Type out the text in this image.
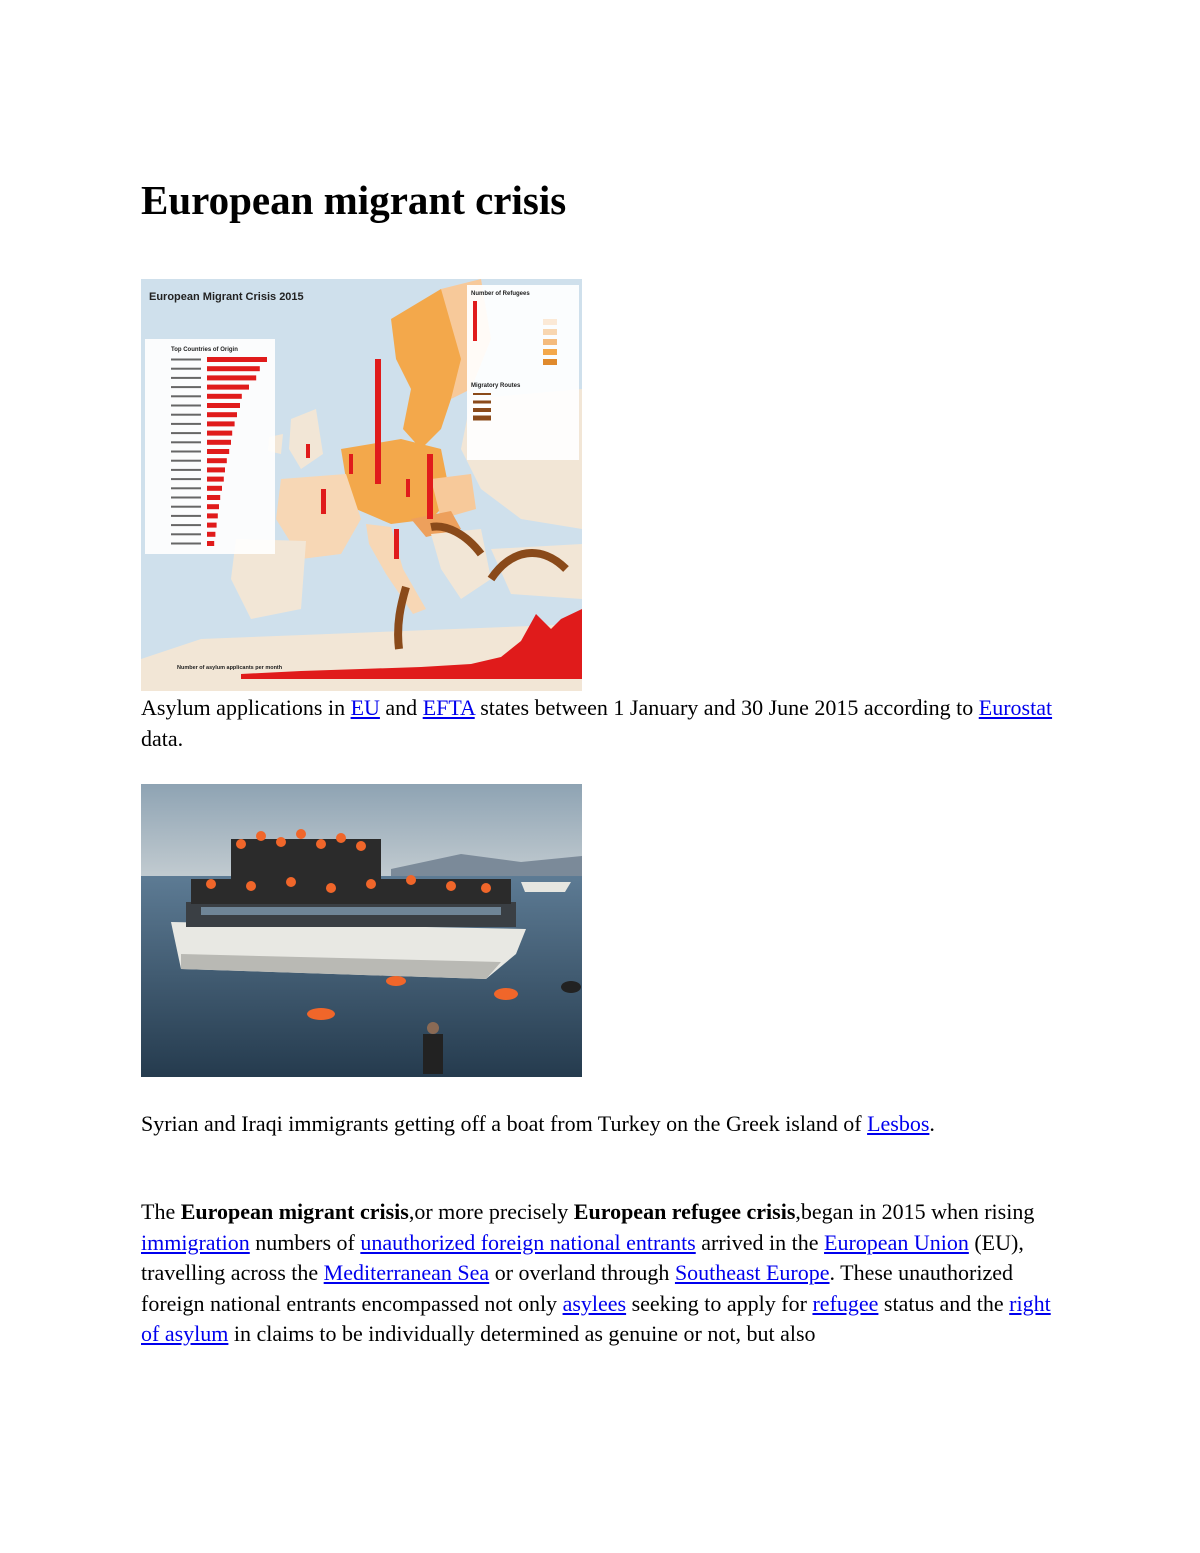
European migrant crisis
European Migrant Crisis 2015
Top Countries of Origin
Number of Refugees
Migratory Routes
Number of asylum applicants per month

Asylum applications in EU and EFTA states between 1 January and 30 June 2015 according to Eurostat data.

Syrian and Iraqi immigrants getting off a boat from Turkey on the Greek island of Lesbos.

The European migrant crisis,or more precisely European refugee crisis,began in 2015 when rising immigration numbers of unauthorized foreign national entrants arrived in the European Union (EU), travelling across the Mediterranean Sea or overland through Southeast Europe. These unauthorized foreign national entrants encompassed not only asylees seeking to apply for refugee status and the right of asylum in claims to be individually determined as genuine or not, but also
